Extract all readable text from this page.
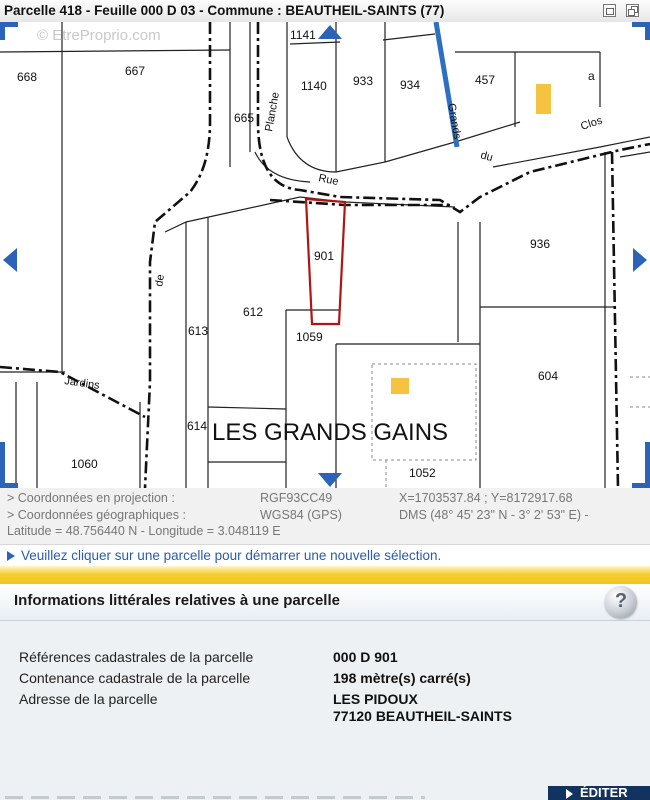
Parcelle 418 - Feuille 000 D 03 - Commune : BEAUTHEIL-SAINTS (77)
668	667
665
1141
1140 933 934	457	a
901
936
612
613	1059
604
614
1060
1052
Planche
Rue
du
Clos
Grands
de
Jardins
LES GRANDS GAINS
© EtreProprio.com
> Coordonnées en projection :	RGF93CC49	X=1703537.84 ; Y=8172917.68
> Coordonnées géographiques :	WGS84 (GPS)	DMS (48° 45' 23" N - 3° 2' 53" E) -
Latitude = 48.756440 N - Longitude = 3.048119 E
Veuillez cliquer sur une parcelle pour démarrer une nouvelle sélection.
Informations littérales relatives à une parcelle	?
Références cadastrales de la parcelle	000 D 901
Contenance cadastrale de la parcelle	198 mètre(s) carré(s)
Adresse de la parcelle	LES PIDOUX
77120 BEAUTHEIL-SAINTS
ÉDITER
